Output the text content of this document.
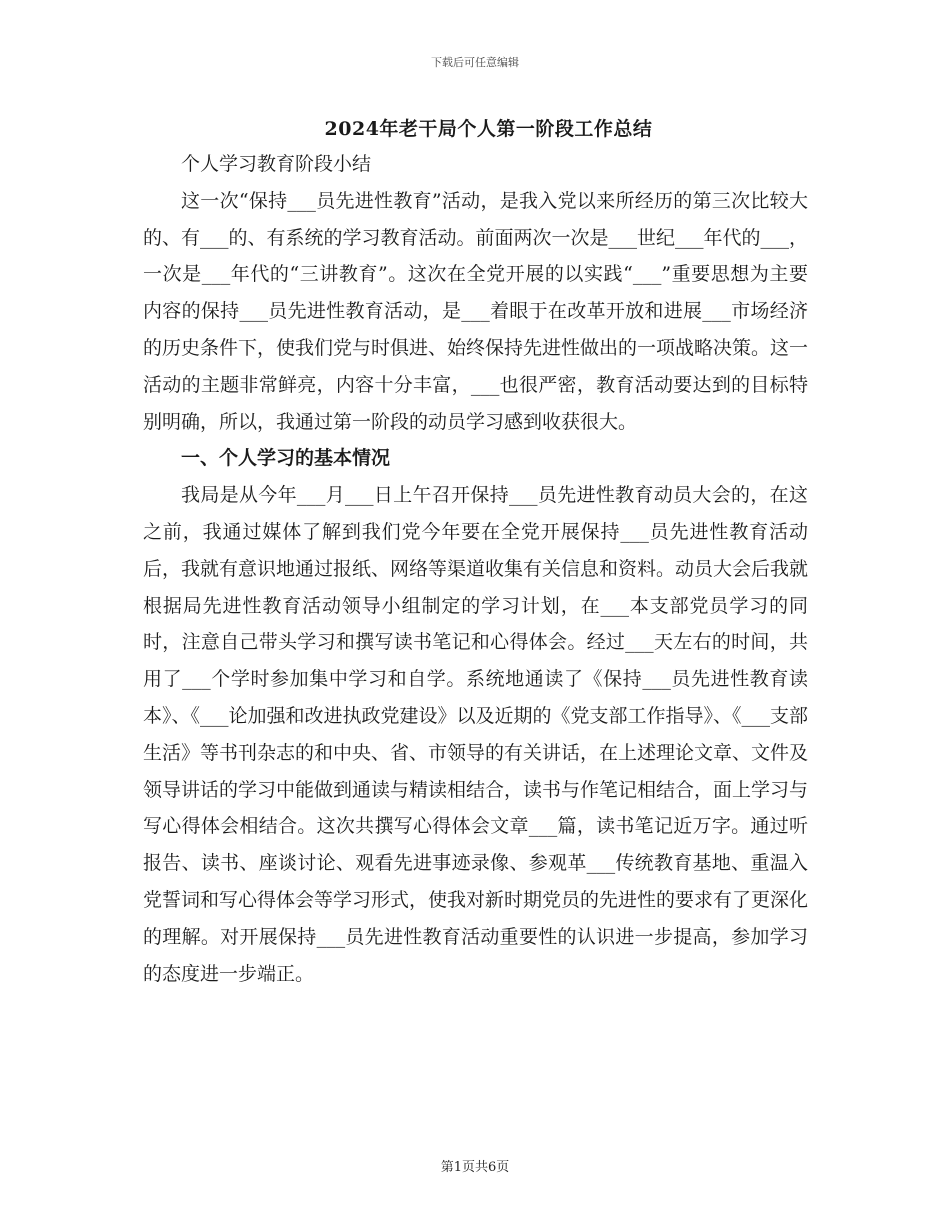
下载后可任意编辑
2024年老干局个人第一阶段工作总结

个人学习教育阶段小结

这一次“保持___员先进性教育”活动，是我入党以来所经历的第三次比较大的、有___的、有系统的学习教育活动。前面两次一次是___世纪___年代的___，一次是___年代的“三讲教育”。这次在全党开展的以实践“___”重要思想为主要内容的保持___员先进性教育活动，是___着眼于在改革开放和进展___市场经济的历史条件下，使我们党与时俱进、始终保持先进性做出的一项战略决策。这一活动的主题非常鲜亮，内容十分丰富，___也很严密，教育活动要达到的目标特别明确，所以，我通过第一阶段的动员学习感到收获很大。

一、个人学习的基本情况

我局是从今年___月___日上午召开保持___员先进性教育动员大会的，在这之前，我通过媒体了解到我们党今年要在全党开展保持___员先进性教育活动后，我就有意识地通过报纸、网络等渠道收集有关信息和资料。动员大会后我就根据局先进性教育活动领导小组制定的学习计划，在___本支部党员学习的同时，注意自己带头学习和撰写读书笔记和心得体会。经过___天左右的时间，共用了___个学时参加集中学习和自学。系统地通读了《保持___员先进性教育读本》、《___论加强和改进执政党建设》以及近期的《党支部工作指导》、《___支部生活》等书刊杂志的和中央、省、市领导的有关讲话，在上述理论文章、文件及领导讲话的学习中能做到通读与精读相结合，读书与作笔记相结合，面上学习与写心得体会相结合。这次共撰写心得体会文章___篇，读书笔记近万字。通过听报告、读书、座谈讨论、观看先进事迹录像、参观革___传统教育基地、重温入党誓词和写心得体会等学习形式，使我对新时期党员的先进性的要求有了更深化的理解。对开展保持___员先进性教育活动重要性的认识进一步提高，参加学习的态度进一步端正。

第1页共6页
